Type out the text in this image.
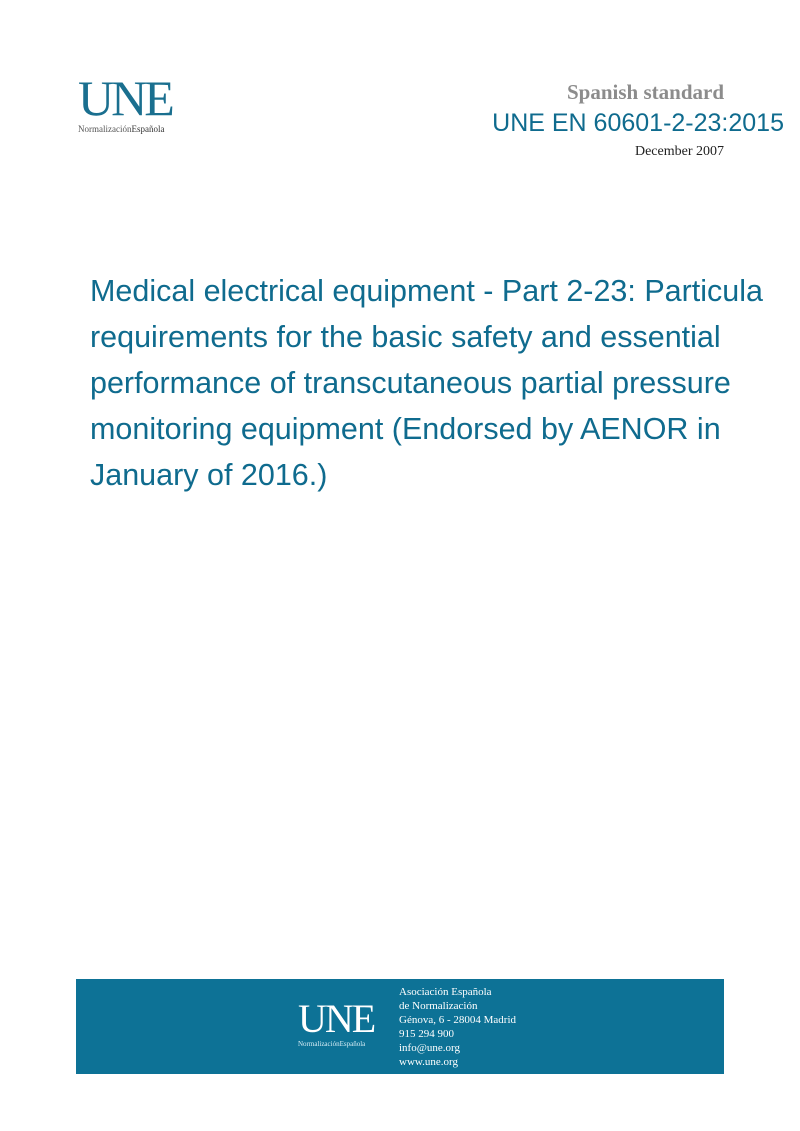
UNE
NormalizaciónEspañola
Spanish standard
UNE EN 60601-2-23:2015
December 2007
Medical electrical equipment - Part 2-23: Particula
requirements for the basic safety and essential
performance of transcutaneous partial pressure
monitoring equipment (Endorsed by AENOR in
January of 2016.)
UNE
NormalizaciónEspañola
Asociación Española
de Normalización
Génova, 6 - 28004 Madrid
915 294 900
info@une.org
www.une.org
